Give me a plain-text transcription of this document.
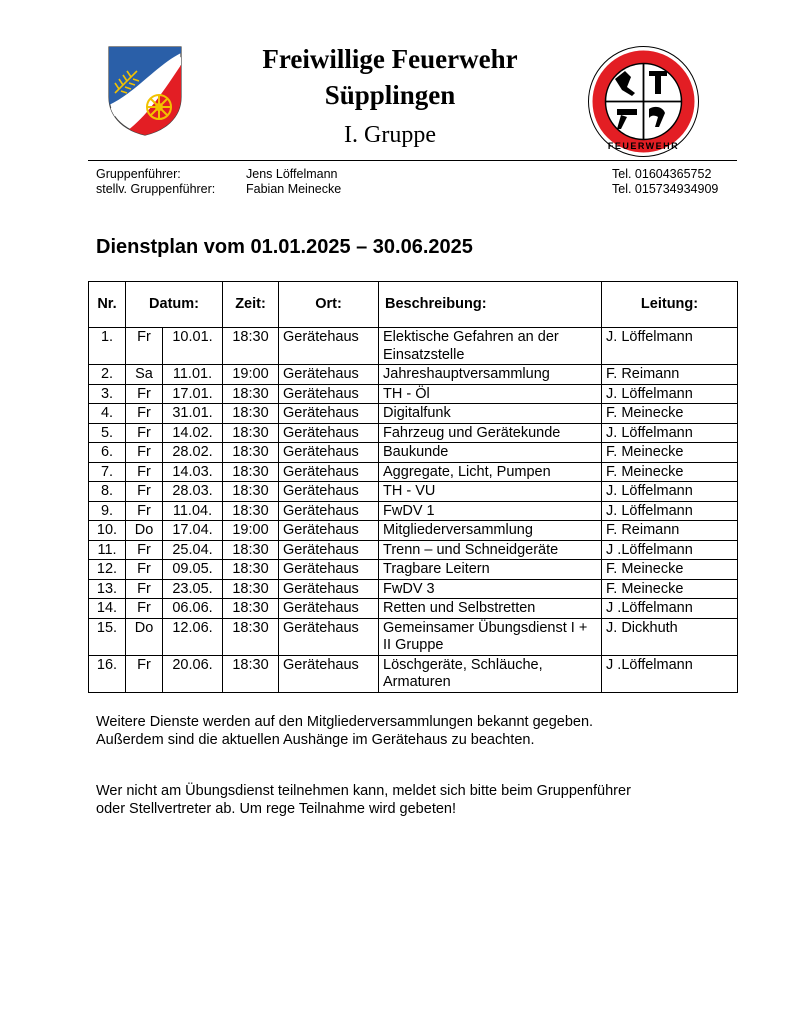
Freiwillige Feuerwehr
Süpplingen
I. Gruppe	FEUERWEHR
Gruppenführer:	Jens Löffelmann	Tel. 01604365752
stellv. Gruppenführer: Fabian Meinecke	Tel. 015734934909
Dienstplan vom 01.01.2025 – 30.06.2025
Nr.	Datum:		Zeit:	Ort:	Beschreibung:	Leitung:
1.	Fr	10.01.	18:30	Gerätehaus	Elektische Gefahren an der Einsatzstelle	J. Löffelmann
2.	Sa	11.01.	19:00	Gerätehaus	Jahreshauptversammlung	F. Reimann
3.	Fr	17.01.	18:30	Gerätehaus	TH - Öl	J. Löffelmann
4.	Fr	31.01.	18:30	Gerätehaus	Digitalfunk	F. Meinecke
5.	Fr	14.02.	18:30	Gerätehaus	Fahrzeug und Gerätekunde	J. Löffelmann
6.	Fr	28.02.	18:30	Gerätehaus	Baukunde	F. Meinecke
7.	Fr	14.03.	18:30	Gerätehaus	Aggregate, Licht, Pumpen	F. Meinecke
8.	Fr	28.03.	18:30	Gerätehaus	TH - VU	J. Löffelmann
9.	Fr	11.04.	18:30	Gerätehaus	FwDV 1	J. Löffelmann
10.	Do	17.04.	19:00	Gerätehaus	Mitgliederversammlung	F. Reimann
11.	Fr	25.04.	18:30	Gerätehaus	Trenn – und Schneidgeräte	J .Löffelmann
12.	Fr	09.05.	18:30	Gerätehaus	Tragbare Leitern	F. Meinecke
13.	Fr	23.05.	18:30	Gerätehaus	FwDV 3	F. Meinecke
14.	Fr	06.06.	18:30	Gerätehaus	Retten und Selbstretten	J .Löffelmann
15.	Do	12.06.	18:30	Gerätehaus	Gemeinsamer Übungsdienst I + II Gruppe	J. Dickhuth
16.	Fr	20.06.	18:30	Gerätehaus	Löschgeräte, Schläuche, Armaturen	J .Löffelmann
Weitere Dienste werden auf den Mitgliederversammlungen bekannt gegeben.
Außerdem sind die aktuellen Aushänge im Gerätehaus zu beachten.
Wer nicht am Übungsdienst teilnehmen kann, meldet sich bitte beim Gruppenführer
oder Stellvertreter ab. Um rege Teilnahme wird gebeten!
